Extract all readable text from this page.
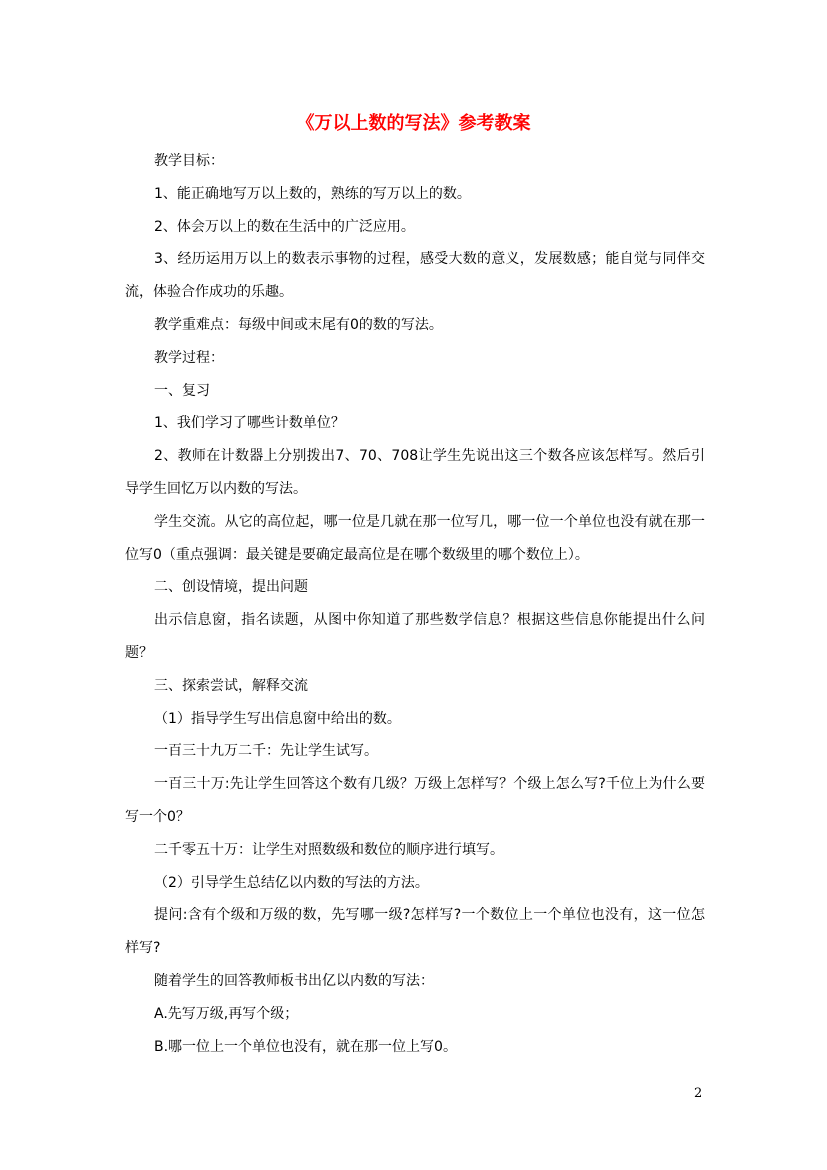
《万以上数的写法》参考教案

教学目标：

1、能正确地写万以上数的，熟练的写万以上的数。

2、体会万以上的数在生活中的广泛应用。

3、经历运用万以上的数表示事物的过程，感受大数的意义，发展数感；能自觉与同伴交流，体验合作成功的乐趣。

教学重难点：每级中间或末尾有0的数的写法。

教学过程：

一、复习

1、我们学习了哪些计数单位？

2、教师在计数器上分别拨出7、70、708让学生先说出这三个数各应该怎样写。然后引导学生回忆万以内数的写法。

学生交流。从它的高位起，哪一位是几就在那一位写几，哪一位一个单位也没有就在那一位写0（重点强调：最关键是要确定最高位是在哪个数级里的哪个数位上）。

二、创设情境，提出问题

出示信息窗，指名读题，从图中你知道了那些数学信息？根据这些信息你能提出什么问题？

三、探索尝试，解释交流

（1）指导学生写出信息窗中给出的数。

一百三十九万二千：先让学生试写。

一百三十万:先让学生回答这个数有几级？万级上怎样写？个级上怎么写?千位上为什么要写一个0？

二千零五十万：让学生对照数级和数位的顺序进行填写。

（2）引导学生总结亿以内数的写法的方法。

提问:含有个级和万级的数，先写哪一级?怎样写?一个数位上一个单位也没有，这一位怎样写?

随着学生的回答教师板书出亿以内数的写法：

A.先写万级,再写个级；

B.哪一位上一个单位也没有，就在那一位上写0。

2
